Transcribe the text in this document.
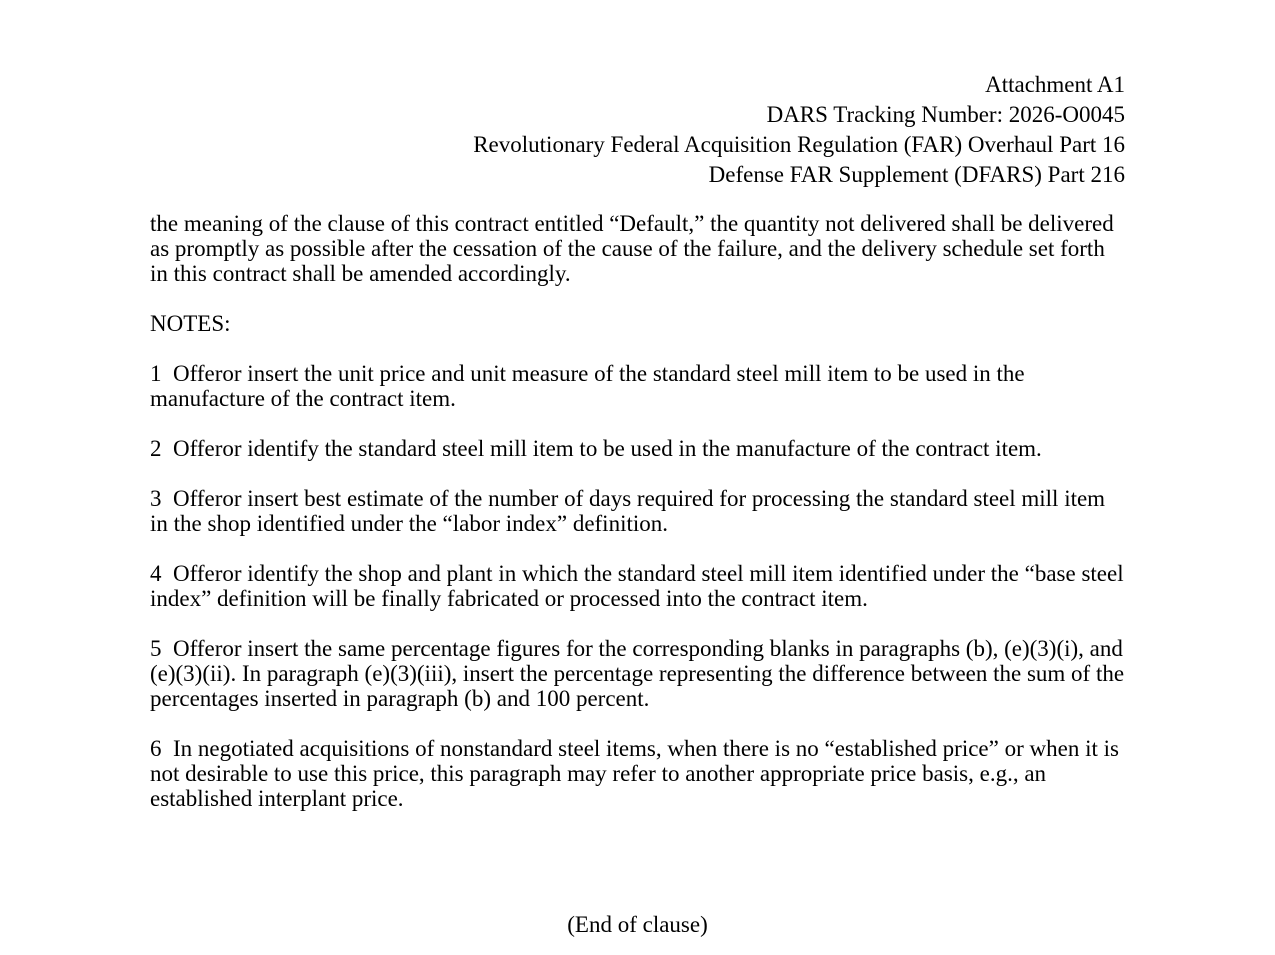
Attachment A1
DARS Tracking Number: 2026-O0045
Revolutionary Federal Acquisition Regulation (FAR) Overhaul Part 16
Defense FAR Supplement (DFARS) Part 216

the meaning of the clause of this contract entitled “Default,” the quantity not delivered shall be delivered as promptly as possible after the cessation of the cause of the failure, and the delivery schedule set forth in this contract shall be amended accordingly.

NOTES:

1 Offeror insert the unit price and unit measure of the standard steel mill item to be used in the manufacture of the contract item.

2 Offeror identify the standard steel mill item to be used in the manufacture of the contract item.

3 Offeror insert best estimate of the number of days required for processing the standard steel mill item in the shop identified under the “labor index” definition.

4 Offeror identify the shop and plant in which the standard steel mill item identified under the “base steel index” definition will be finally fabricated or processed into the contract item.

5 Offeror insert the same percentage figures for the corresponding blanks in paragraphs (b), (e)(3)(i), and (e)(3)(ii). In paragraph (e)(3)(iii), insert the percentage representing the difference between the sum of the percentages inserted in paragraph (b) and 100 percent.

6 In negotiated acquisitions of nonstandard steel items, when there is no “established price” or when it is not desirable to use this price, this paragraph may refer to another appropriate price basis, e.g., an established interplant price.

(End of clause)
